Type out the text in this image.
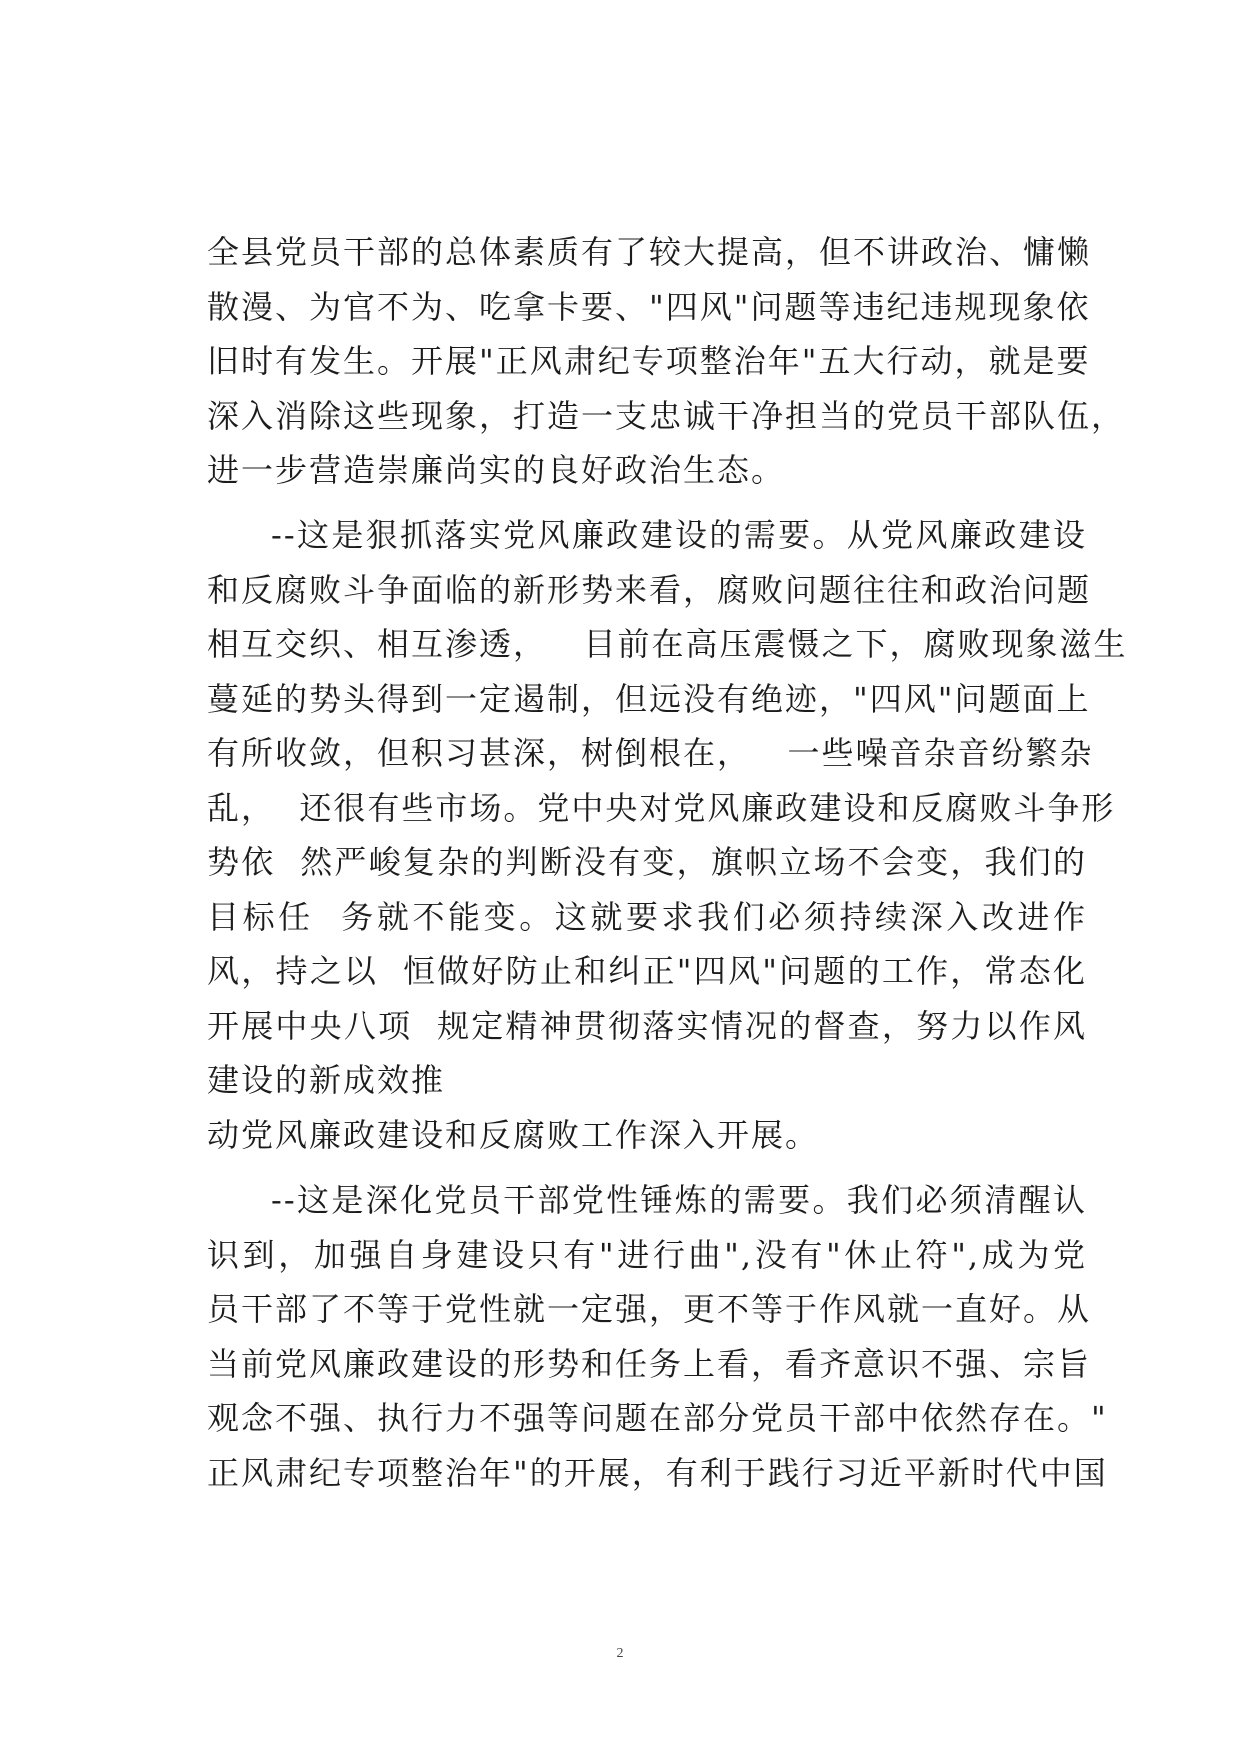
全县党员干部的总体素质有了较大提高，但不讲政治、慵懒
散漫、为官不为、吃拿卡要、"四风"问题等违纪违规现象依
旧时有发生。开展"正风肃纪专项整治年"五大行动，就是要
深入消除这些现象，打造一支忠诚干净担当的党员干部队伍，
进一步营造崇廉尚实的良好政治生态。
--这是狠抓落实党风廉政建设的需要。从党风廉政建设
和反腐败斗争面临的新形势来看，腐败问题往往和政治问题
相互交织、相互渗透，   目前在高压震慑之下，腐败现象滋生
蔓延的势头得到一定遏制，但远没有绝迹，"四风"问题面上
有所收敛，但积习甚深，树倒根在，   一些噪音杂音纷繁杂
乱，  还很有些市场。党中央对党风廉政建设和反腐败斗争形
势依  然严峻复杂的判断没有变，旗帜立场不会变，我们的
目标任  务就不能变。这就要求我们必须持续深入改进作
风，持之以  恒做好防止和纠正"四风"问题的工作，常态化
开展中央八项  规定精神贯彻落实情况的督查，努力以作风
建设的新成效推
动党风廉政建设和反腐败工作深入开展。
--这是深化党员干部党性锤炼的需要。我们必须清醒认
识到，加强自身建设只有"进行曲",没有"休止符",成为党
员干部了不等于党性就一定强，更不等于作风就一直好。从
当前党风廉政建设的形势和任务上看，看齐意识不强、宗旨
观念不强、执行力不强等问题在部分党员干部中依然存在。"
正风肃纪专项整治年"的开展，有利于践行习近平新时代中国
2
